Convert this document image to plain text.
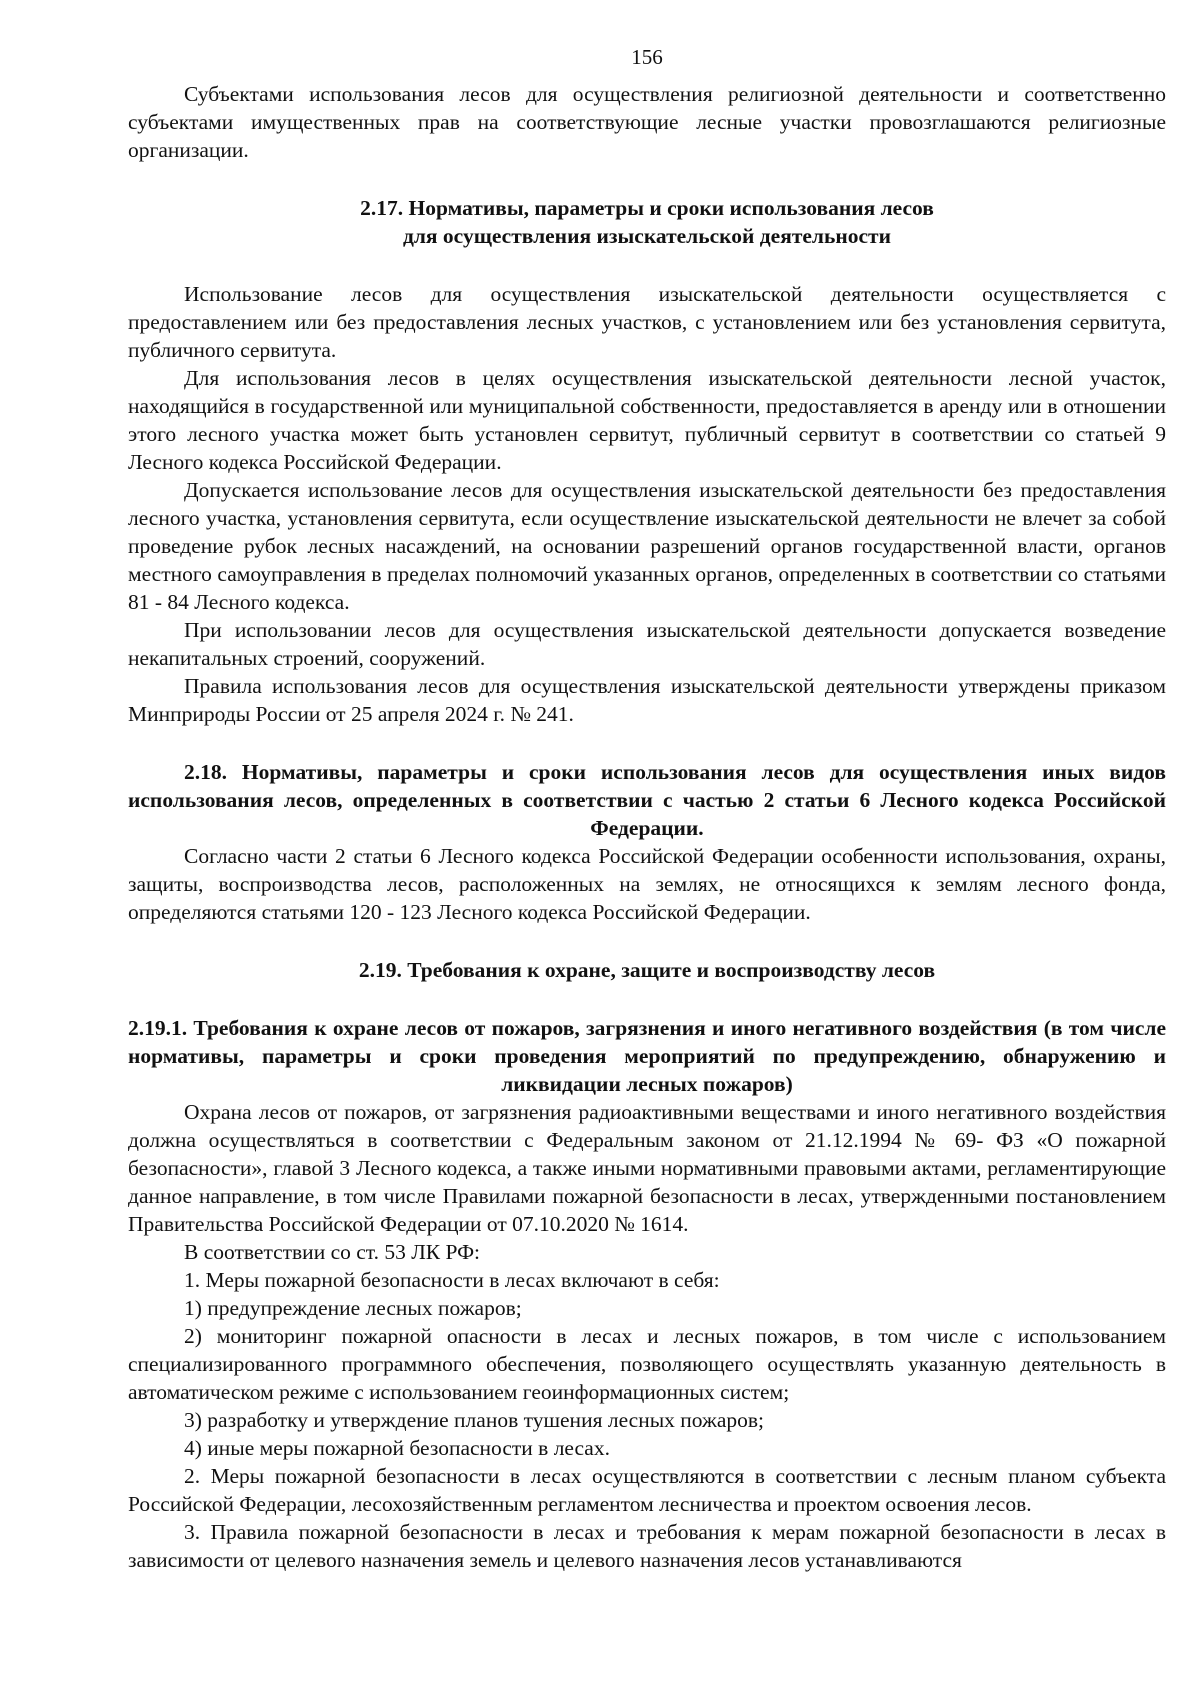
156

Субъектами использования лесов для осуществления религиозной деятельности и соответственно субъектами имущественных прав на соответствующие лесные участки провозглашаются религиозные организации.

2.17. Нормативы, параметры и сроки использования лесов
для осуществления изыскательской деятельности

Использование лесов для осуществления изыскательской деятельности осуществляется с предоставлением или без предоставления лесных участков, с установлением или без установления сервитута, публичного сервитута.

Для использования лесов в целях осуществления изыскательской деятельности лесной участок, находящийся в государственной или муниципальной собственности, предоставляется в аренду или в отношении этого лесного участка может быть установлен сервитут, публичный сервитут в соответствии со статьей 9 Лесного кодекса Российской Федерации.

Допускается использование лесов для осуществления изыскательской деятельности без предоставления лесного участка, установления сервитута, если осуществление изыскательской деятельности не влечет за собой проведение рубок лесных насаждений, на основании разрешений органов государственной власти, органов местного самоуправления в пределах полномочий указанных органов, определенных в соответствии со статьями 81 - 84 Лесного кодекса.

При использовании лесов для осуществления изыскательской деятельности допускается возведение некапитальных строений, сооружений.

Правила использования лесов для осуществления изыскательской деятельности утверждены приказом Минприроды России от 25 апреля 2024 г. № 241.

2.18. Нормативы, параметры и сроки использования лесов для осуществления иных видов использования лесов, определенных в соответствии с частью 2 статьи 6 Лесного кодекса Российской Федерации.

Согласно части 2 статьи 6 Лесного кодекса Российской Федерации особенности использования, охраны, защиты, воспроизводства лесов, расположенных на землях, не относящихся к землям лесного фонда, определяются статьями 120 - 123 Лесного кодекса Российской Федерации.

2.19. Требования к охране, защите и воспроизводству лесов
2.19.1. Требования к охране лесов от пожаров, загрязнения и иного негативного воздействия (в том числе нормативы, параметры и сроки проведения мероприятий по предупреждению, обнаружению и ликвидации лесных пожаров)

Охрана лесов от пожаров, от загрязнения радиоактивными веществами и иного негативного воздействия должна осуществляться в соответствии с Федеральным законом от 21.12.1994 № 69- ФЗ «О пожарной безопасности», главой 3 Лесного кодекса, а также иными нормативными правовыми актами, регламентирующие данное направление, в том числе Правилами пожарной безопасности в лесах, утвержденными постановлением Правительства Российской Федерации от 07.10.2020 № 1614.

В соответствии со ст. 53 ЛК РФ:

1. Меры пожарной безопасности в лесах включают в себя:

1) предупреждение лесных пожаров;

2) мониторинг пожарной опасности в лесах и лесных пожаров, в том числе с использованием специализированного программного обеспечения, позволяющего осуществлять указанную деятельность в автоматическом режиме с использованием геоинформационных систем;

3) разработку и утверждение планов тушения лесных пожаров;

4) иные меры пожарной безопасности в лесах.

2. Меры пожарной безопасности в лесах осуществляются в соответствии с лесным планом субъекта Российской Федерации, лесохозяйственным регламентом лесничества и проектом освоения лесов.

3. Правила пожарной безопасности в лесах и требования к мерам пожарной безопасности в лесах в зависимости от целевого назначения земель и целевого назначения лесов устанавливаются
